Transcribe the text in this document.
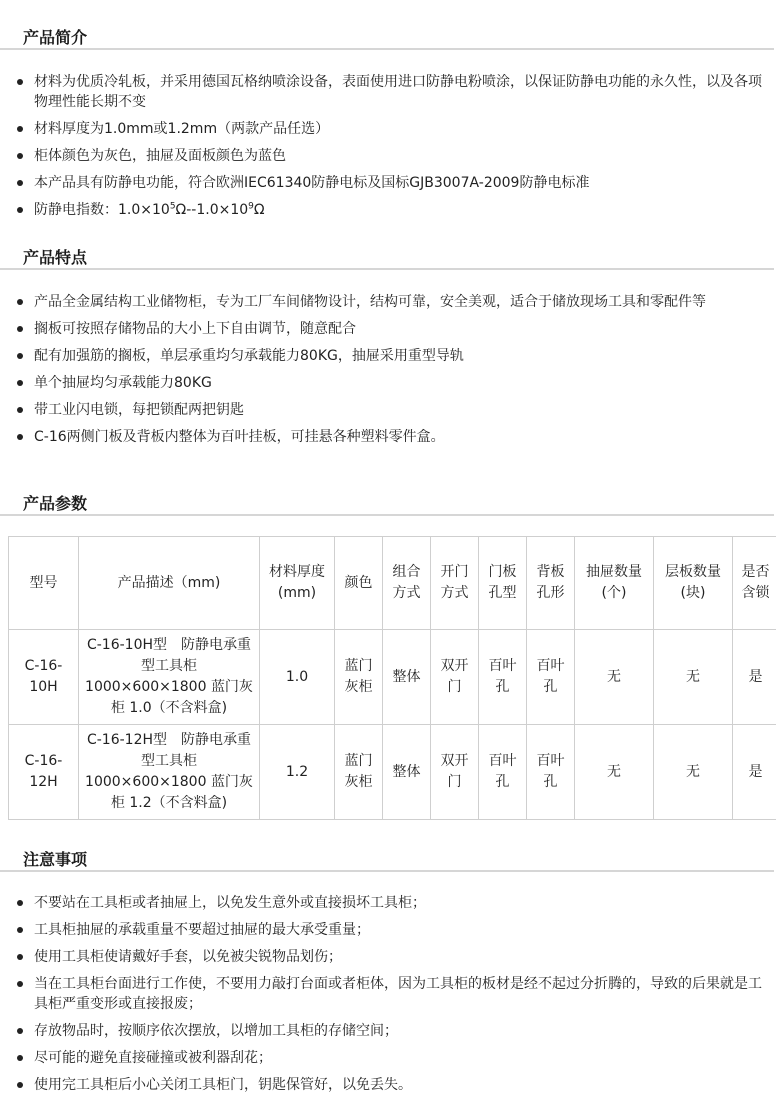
产品简介
材料为优质冷轧板，并采用德国瓦格纳喷涂设备，表面使用进口防静电粉喷涂，以保证防静电功能的永久性，以及各项物理性能长期不变
材料厚度为1.0mm或1.2mm（两款产品任选）
柜体颜色为灰色，抽屉及面板颜色为蓝色
本产品具有防静电功能，符合欧洲IEC61340防静电标及国标GJB3007A-2009防静电标准
防静电指数：$1.0\times 10^5\Omega--1.0\times 10^9\Omega$
产品特点
产品全金属结构工业储物柜，专为工厂车间储物设计，结构可靠，安全美观，适合于储放现场工具和零配件等
搁板可按照存储物品的大小上下自由调节，随意配合
配有加强筋的搁板，单层承重均匀承载能力80KG，抽屉采用重型导轨
单个抽屉均匀承载能力80KG
带工业闪电锁，每把锁配两把钥匙
C-16两侧门板及背板内整体为百叶挂板，可挂悬各种塑料零件盒。
产品参数
型号	产品描述（mm)	材料厚度(mm)	颜色	组合方式	开门方式	门板孔型	背板孔形	抽屉数量(个)	层板数量(块)	是否含锁
C-16-10H	C-16-10H型　防静电承重型工具柜 1000×600×1800 蓝门灰柜 1.0（不含料盒)	1.0	蓝门灰柜	整体	双开门	百叶孔	百叶孔	无	无	是
C-16-12H	C-16-12H型　防静电承重型工具柜 1000×600×1800 蓝门灰柜 1.2（不含料盒)	1.2	蓝门灰柜	整体	双开门	百叶孔	百叶孔	无	无	是
注意事项
不要站在工具柜或者抽屉上，以免发生意外或直接损坏工具柜；
工具柜抽屉的承载重量不要超过抽屉的最大承受重量；
使用工具柜使请戴好手套，以免被尖锐物品划伤；
当在工具柜台面进行工作使，不要用力敲打台面或者柜体，因为工具柜的板材是经不起过分折腾的，导致的后果就是工具柜严重变形或直接报废；
存放物品时，按顺序依次摆放，以增加工具柜的存储空间；
尽可能的避免直接碰撞或被利器刮花；
使用完工具柜后小心关闭工具柜门，钥匙保管好，以免丢失。
